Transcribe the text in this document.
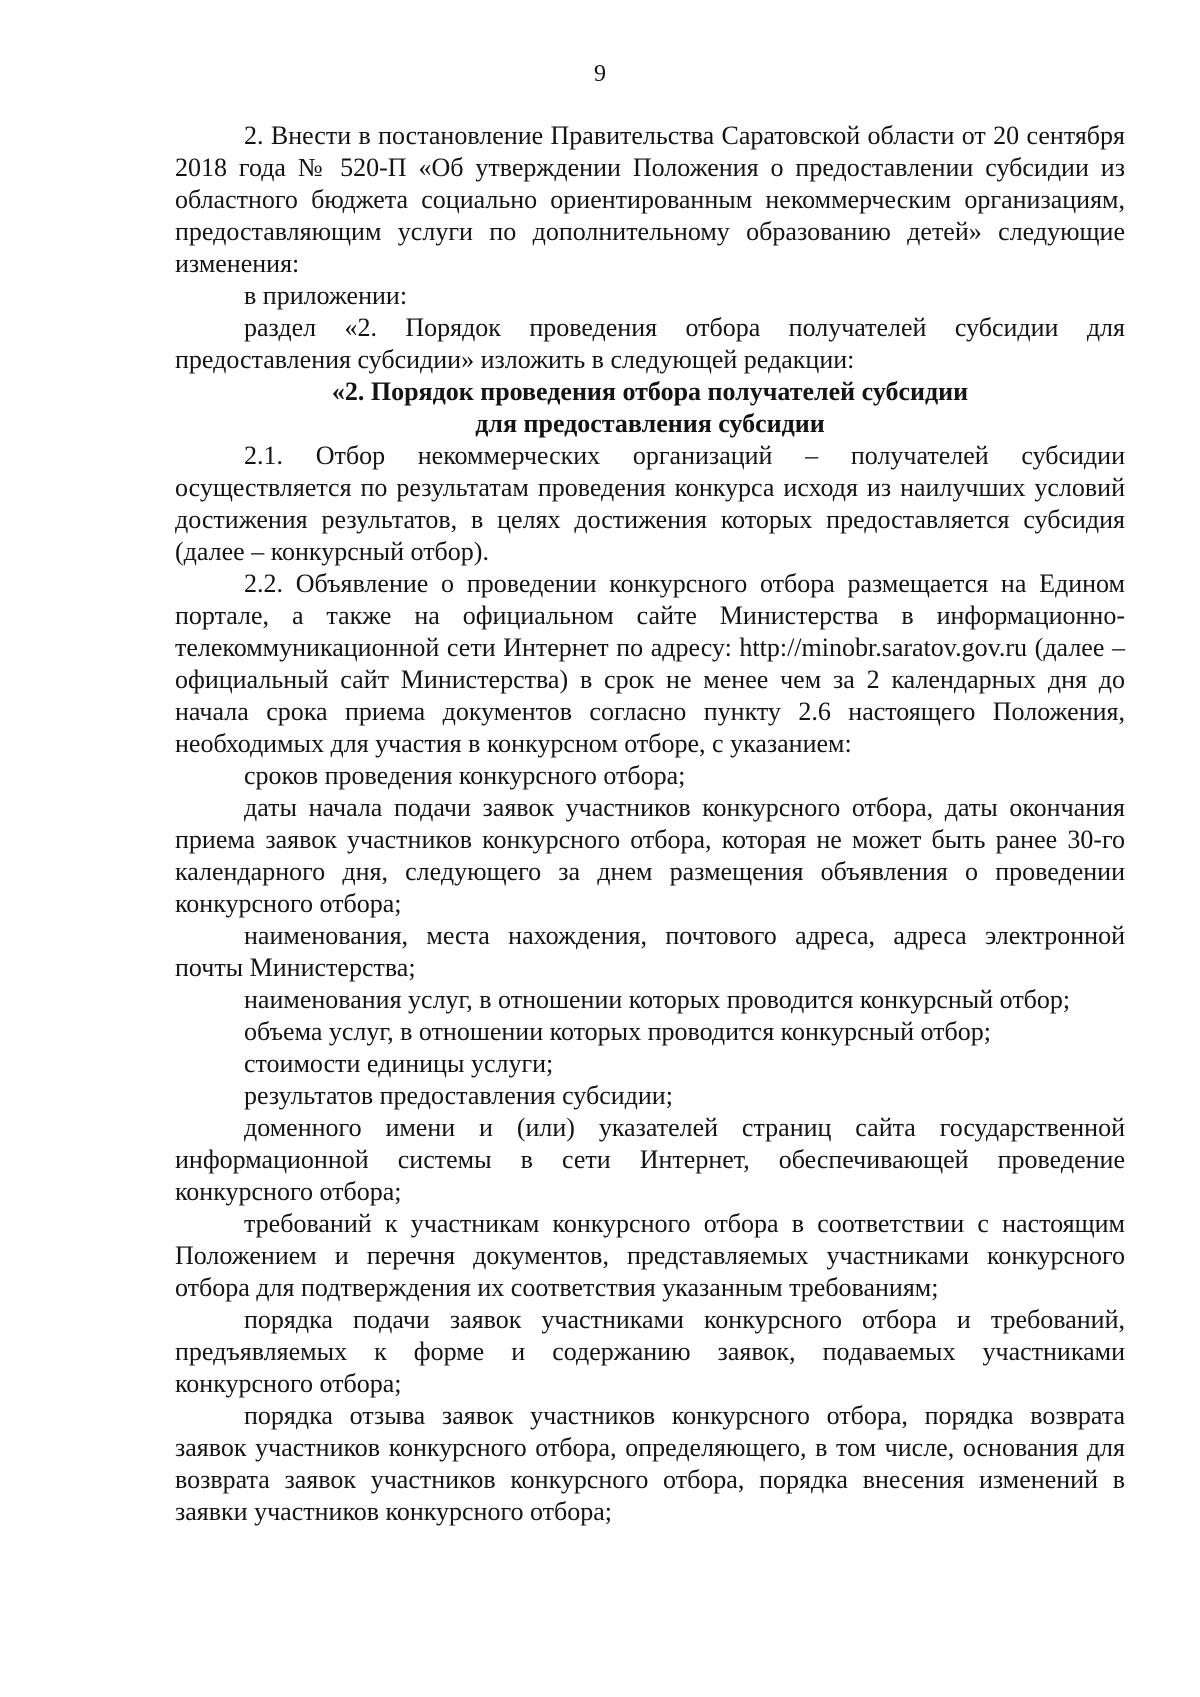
9

2. Внести в постановление Правительства Саратовской области от 20 сентября 2018 года № 520-П «Об утверждении Положения о предоставлении субсидии из областного бюджета социально ориентированным некоммерческим организациям, предоставляющим услуги по дополнительному образованию детей» следующие изменения:

в приложении:

раздел «2. Порядок проведения отбора получателей субсидии для предоставления субсидии» изложить в следующей редакции:

«2. Порядок проведения отбора получателей субсидии
для предоставления субсидии

2.1. Отбор некоммерческих организаций – получателей субсидии осуществляется по результатам проведения конкурса исходя из наилучших условий достижения результатов, в целях достижения которых предоставляется субсидия (далее – конкурсный отбор).

2.2. Объявление о проведении конкурсного отбора размещается на Едином портале, а также на официальном сайте Министерства в информационно-телекоммуникационной сети Интернет по адресу: http://minobr.saratov.gov.ru (далее – официальный сайт Министерства) в срок не менее чем за 2 календарных дня до начала срока приема документов согласно пункту 2.6 настоящего Положения, необходимых для участия в конкурсном отборе, с указанием:

сроков проведения конкурсного отбора;

даты начала подачи заявок участников конкурсного отбора, даты окончания приема заявок участников конкурсного отбора, которая не может быть ранее 30-го календарного дня, следующего за днем размещения объявления о проведении конкурсного отбора;

наименования, места нахождения, почтового адреса, адреса электронной почты Министерства;

наименования услуг, в отношении которых проводится конкурсный отбор;

объема услуг, в отношении которых проводится конкурсный отбор;

стоимости единицы услуги;

результатов предоставления субсидии;

доменного имени и (или) указателей страниц сайта государственной информационной системы в сети Интернет, обеспечивающей проведение конкурсного отбора;

требований к участникам конкурсного отбора в соответствии с настоящим Положением и перечня документов, представляемых участниками конкурсного отбора для подтверждения их соответствия указанным требованиям;

порядка подачи заявок участниками конкурсного отбора и требований, предъявляемых к форме и содержанию заявок, подаваемых участниками конкурсного отбора;

порядка отзыва заявок участников конкурсного отбора, порядка возврата заявок участников конкурсного отбора, определяющего, в том числе, основания для возврата заявок участников конкурсного отбора, порядка внесения изменений в заявки участников конкурсного отбора;
